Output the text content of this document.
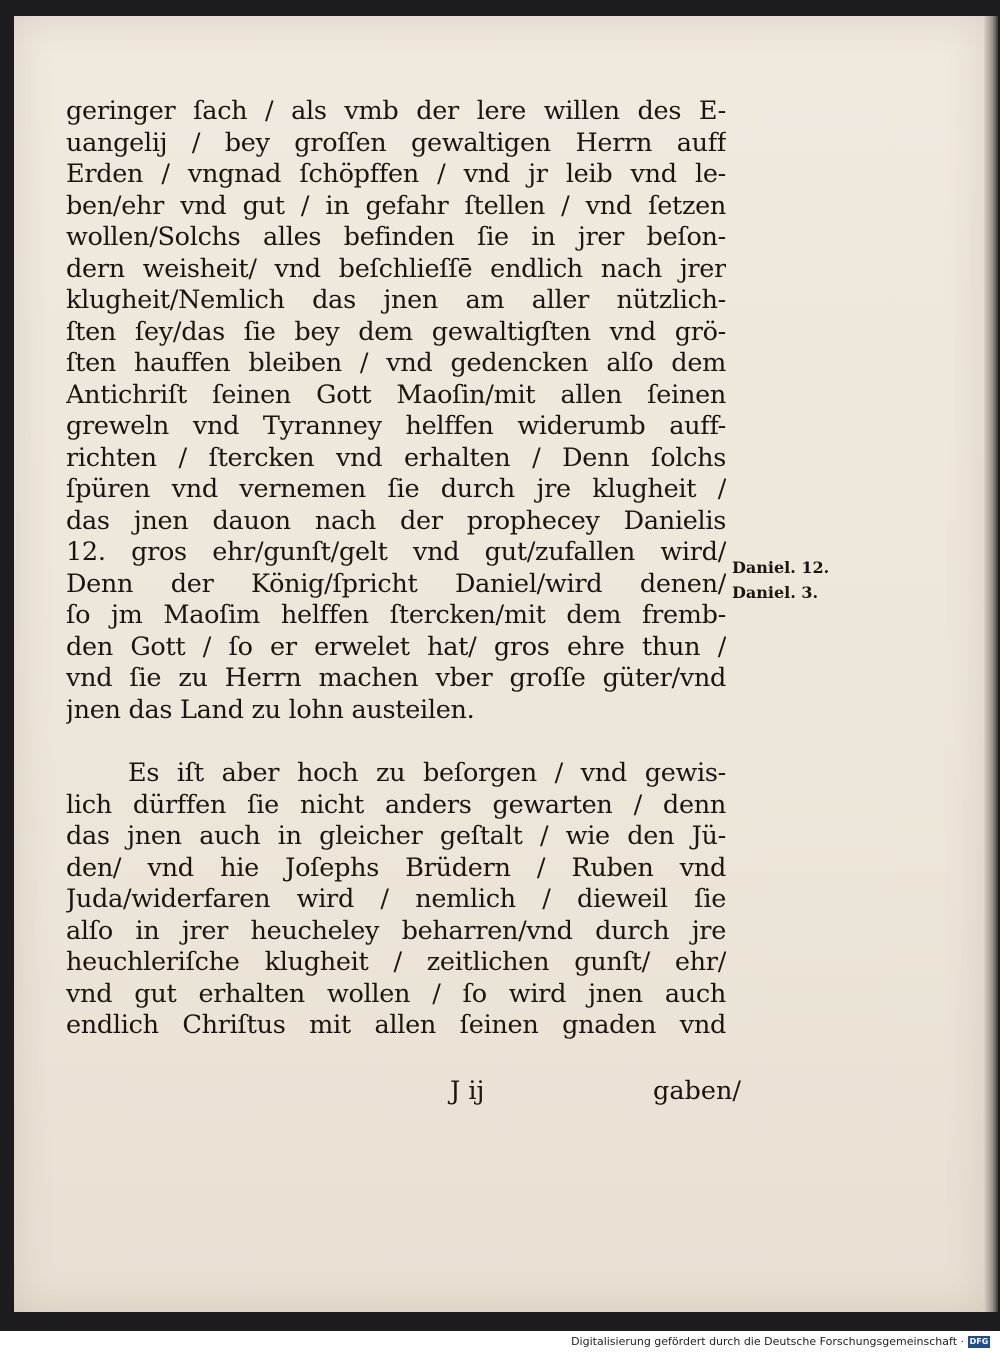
geringer ſach / als vmb der lere willen des E-
uangelij / bey groſſen gewaltigen Herrn auff
Erden / vngnad ſchöpffen / vnd jr leib vnd le-
ben/ehr vnd gut / in gefahr ſtellen / vnd ſetzen
wollen/Solchs alles befinden ſie in jrer beſon-
dern weisheit/ vnd beſchlieſſē endlich nach jrer
klugheit/Nemlich das jnen am aller nützlich-
ſten ſey/das ſie bey dem gewaltigſten vnd grö-
ſten hauffen bleiben / vnd gedencken alſo dem
Antichriſt ſeinen Gott Maoſin/mit allen ſeinen
greweln vnd Tyranney helffen widerumb auff-
richten / ſtercken vnd erhalten / Denn ſolchs
ſpüren vnd vernemen ſie durch jre klugheit /
das jnen dauon nach der prophecey Danielis
12. gros ehr/gunſt/gelt vnd gut/zufallen wird/
Denn der König/ſpricht Daniel/wird denen/
ſo jm Maoſim helffen ſtercken/mit dem fremb-
den Gott / ſo er erwelet hat/ gros ehre thun /
vnd ſie zu Herrn machen vber groſſe güter/vnd
jnen das Land zu lohn austeilen.
Es iſt aber hoch zu beſorgen / vnd gewis-
lich dürffen ſie nicht anders gewarten / denn
das jnen auch in gleicher geſtalt / wie den Jü-
den/ vnd hie Joſephs Brüdern / Ruben vnd
Juda/widerfaren wird / nemlich / dieweil ſie
alſo in jrer heucheley beharren/vnd durch jre
heuchleriſche klugheit / zeitlichen gunſt/ ehr/
vnd gut erhalten wollen / ſo wird jnen auch
endlich Chriſtus mit allen ſeinen gnaden vnd
Daniel. 12.
Daniel. 3.
J ij	gaben/
Digitalisierung gefördert durch die Deutsche Forschungsgemeinschaft · DFG
